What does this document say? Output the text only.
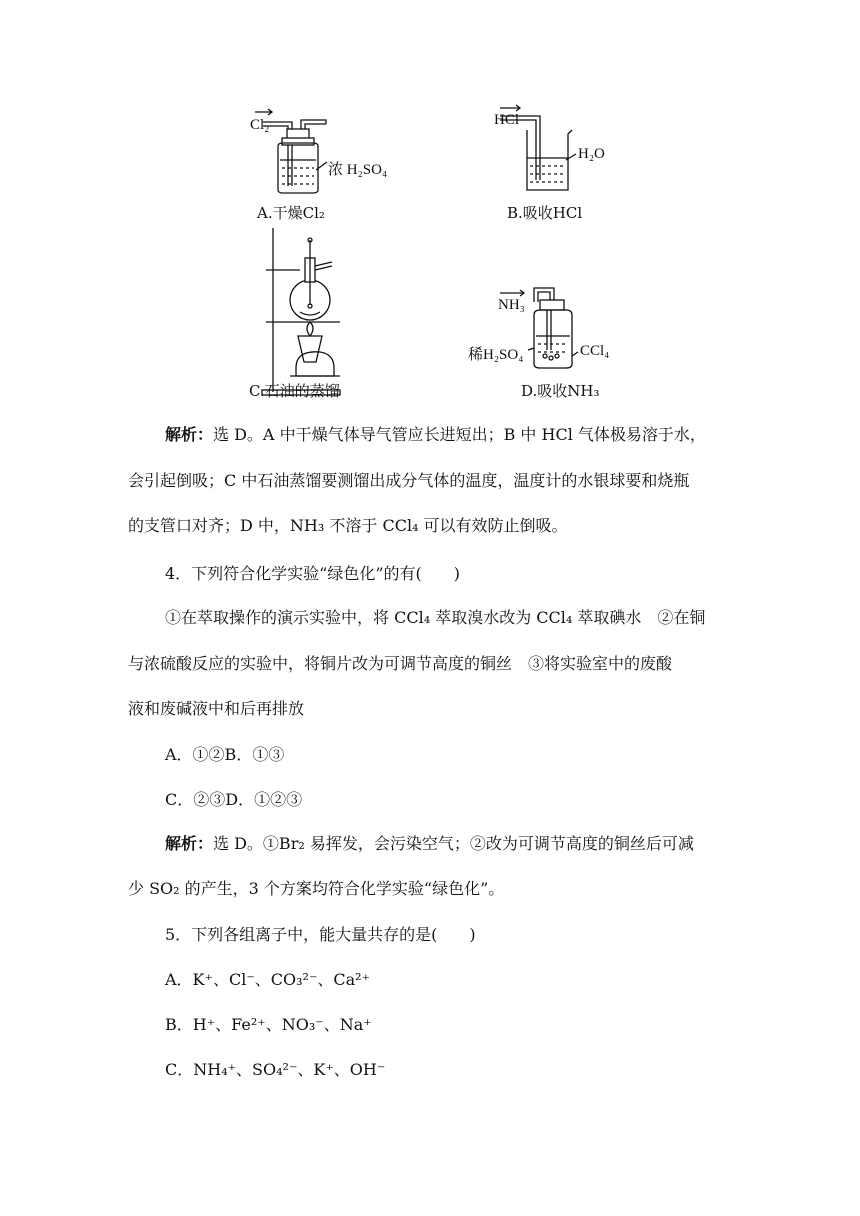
Cl₂
浓 H₂SO₄
A.干燥Cl₂
HCl
H₂O
B.吸收HCl
C.石油的蒸馏
NH₃
稀H₂SO₄	CCl₄
D.吸收NH₃
解析：选 D。A 中干燥气体导气管应长进短出；B 中 HCl 气体极易溶于水，
会引起倒吸；C 中石油蒸馏要测馏出成分气体的温度，温度计的水银球要和烧瓶
的支管口对齐；D 中，NH₃ 不溶于 CCl₄ 可以有效防止倒吸。
4．下列符合化学实验“绿色化”的有(　　)
①在萃取操作的演示实验中，将 CCl₄ 萃取溴水改为 CCl₄ 萃取碘水　②在铜
与浓硫酸反应的实验中，将铜片改为可调节高度的铜丝　③将实验室中的废酸
液和废碱液中和后再排放
A．①②B．①③
C．②③D．①②③
解析：选 D。①Br₂ 易挥发，会污染空气；②改为可调节高度的铜丝后可减
少 SO₂ 的产生，3 个方案均符合化学实验“绿色化”。
5．下列各组离子中，能大量共存的是(　　)
A．K⁺、Cl⁻、CO₃²⁻、Ca²⁺
B．H⁺、Fe²⁺、NO₃⁻、Na⁺
C．NH₄⁺、SO₄²⁻、K⁺、OH⁻
